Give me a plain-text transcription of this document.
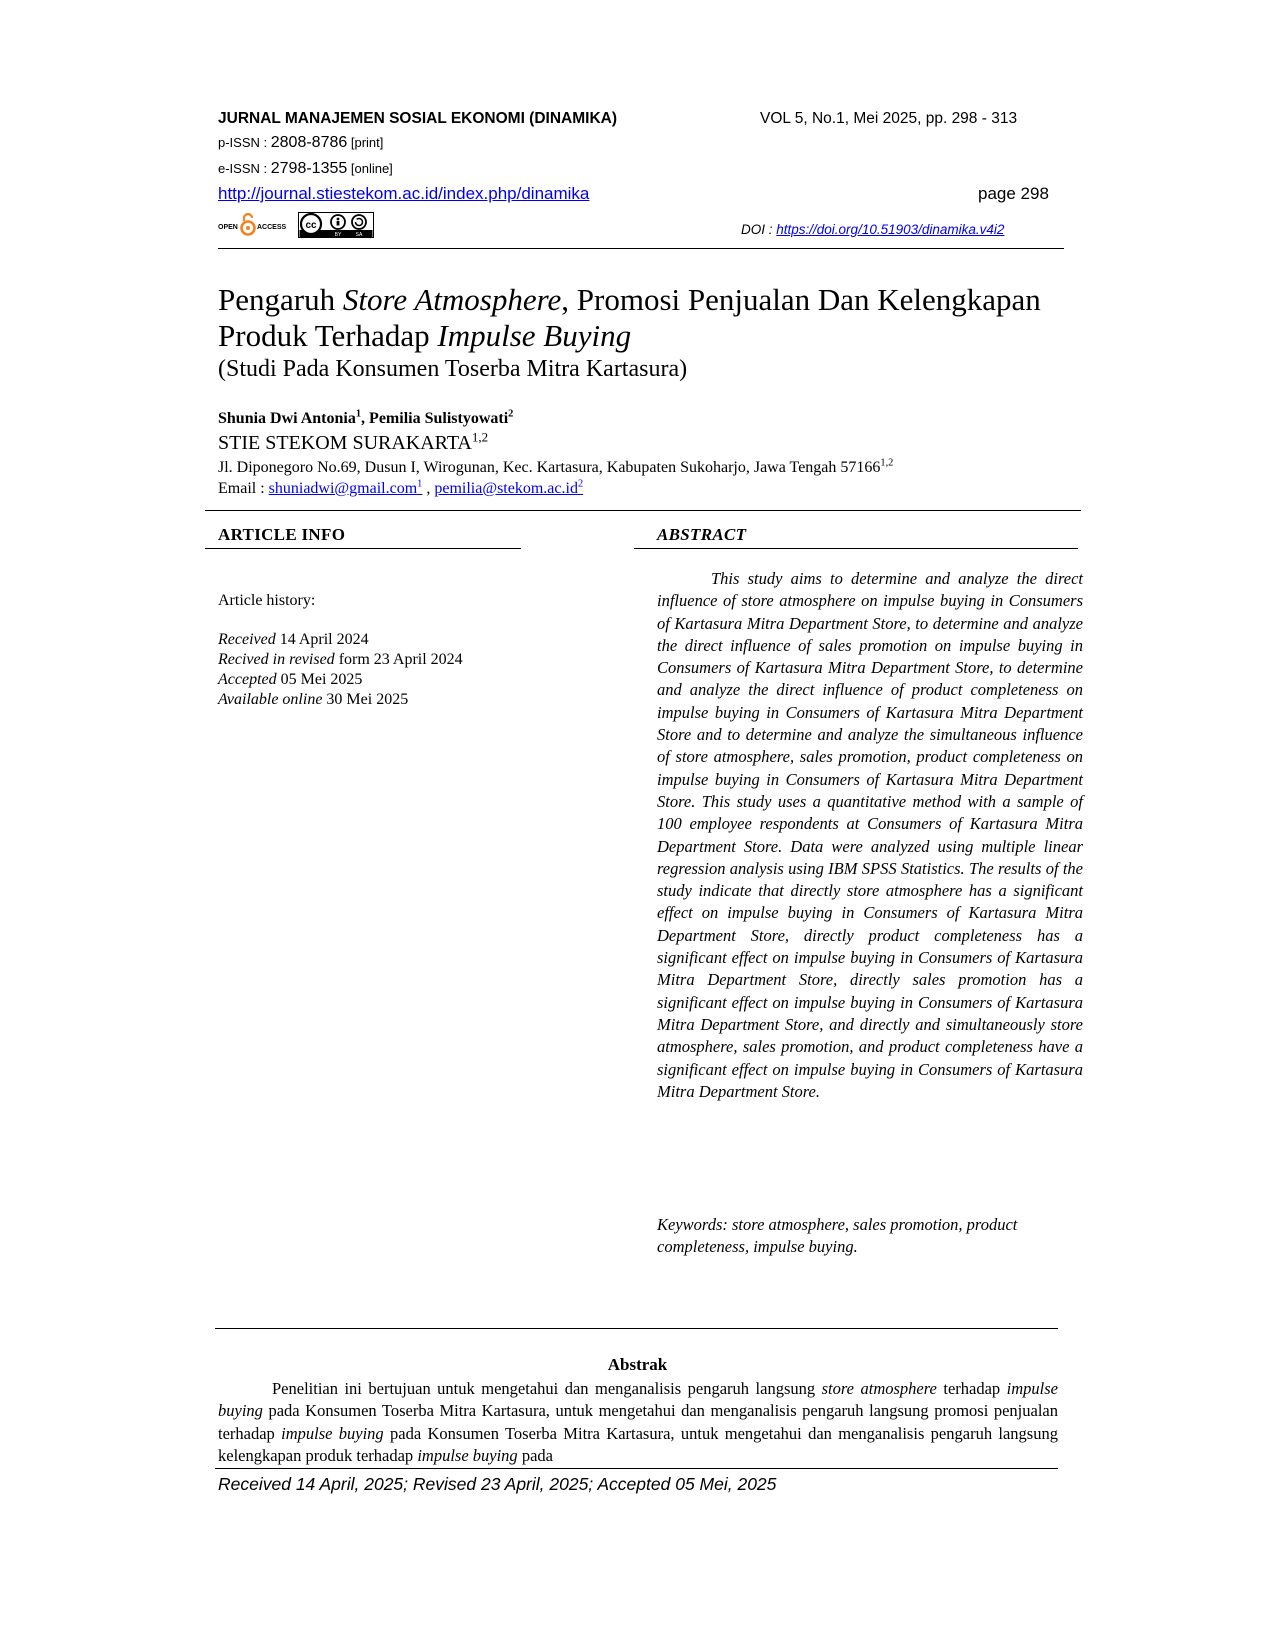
JURNAL MANAJEMEN SOSIAL EKONOMI (DINAMIKA)	VOL 5, No.1, Mei 2025, pp. 298 - 313
p-ISSN : 2808-8786 [print]
e-ISSN : 2798-1355 [online]
http://journal.stiestekom.ac.id/index.php/dinamika	page 298
OPEN	ACCESS cc
BY	SA	DOI : https://doi.org/10.51903/dinamika.v4i2
Pengaruh Store Atmosphere, Promosi Penjualan Dan Kelengkapan
Produk Terhadap Impulse Buying
(Studi Pada Konsumen Toserba Mitra Kartasura)
Shunia Dwi Antonia$^1$, Pemilia Sulistyowati$^2$
STIE STEKOM SURAKARTA$^{1,2}$
Jl. Diponegoro No.69, Dusun I, Wirogunan, Kec. Kartasura, Kabupaten Sukoharjo, Jawa Tengah 57166$^{1,2}$
Email : shuniadwi@gmail.com$^1$ , $pemilia@stekom.ac.id^2$
ARTICLE INFO	ABSTRACT
Article history:
Received 14 April 2024
Recived in revised form 23 April 2024
Accepted 05 Mei 2025
Available online 30 Mei 2025

This study aims to determine and analyze the direct influence of store atmosphere on impulse buying in Consumers of Kartasura Mitra Department Store, to determine and analyze the direct influence of sales promotion on impulse buying in Consumers of Kartasura Mitra Department Store, to determine and analyze the direct influence of product completeness on impulse buying in Consumers of Kartasura Mitra Department Store and to determine and analyze the simultaneous influence of store atmosphere, sales promotion, product completeness on impulse buying in Consumers of Kartasura Mitra Department Store. This study uses a quantitative method with a sample of 100 employee respondents at Consumers of Kartasura Mitra Department Store. Data were analyzed using multiple linear regression analysis using IBM SPSS Statistics. The results of the study indicate that directly store atmosphere has a significant effect on impulse buying in Consumers of Kartasura Mitra Department Store, directly product completeness has a significant effect on impulse buying in Consumers of Kartasura Mitra Department Store, directly sales promotion has a significant effect on impulse buying in Consumers of Kartasura Mitra Department Store, and directly and simultaneously store atmosphere, sales promotion, and product completeness have a significant effect on impulse buying in Consumers of Kartasura Mitra Department Store.

Keywords: store atmosphere, sales promotion, product completeness, impulse buying.
Abstrak

Penelitian ini bertujuan untuk mengetahui dan menganalisis pengaruh langsung store atmosphere terhadap impulse buying pada Konsumen Toserba Mitra Kartasura, untuk mengetahui dan menganalisis pengaruh langsung promosi penjualan terhadap impulse buying pada Konsumen Toserba Mitra Kartasura, untuk mengetahui dan menganalisis pengaruh langsung kelengkapan produk terhadap impulse buying pada

Received 14 April, 2025; Revised 23 April, 2025; Accepted 05 Mei, 2025
